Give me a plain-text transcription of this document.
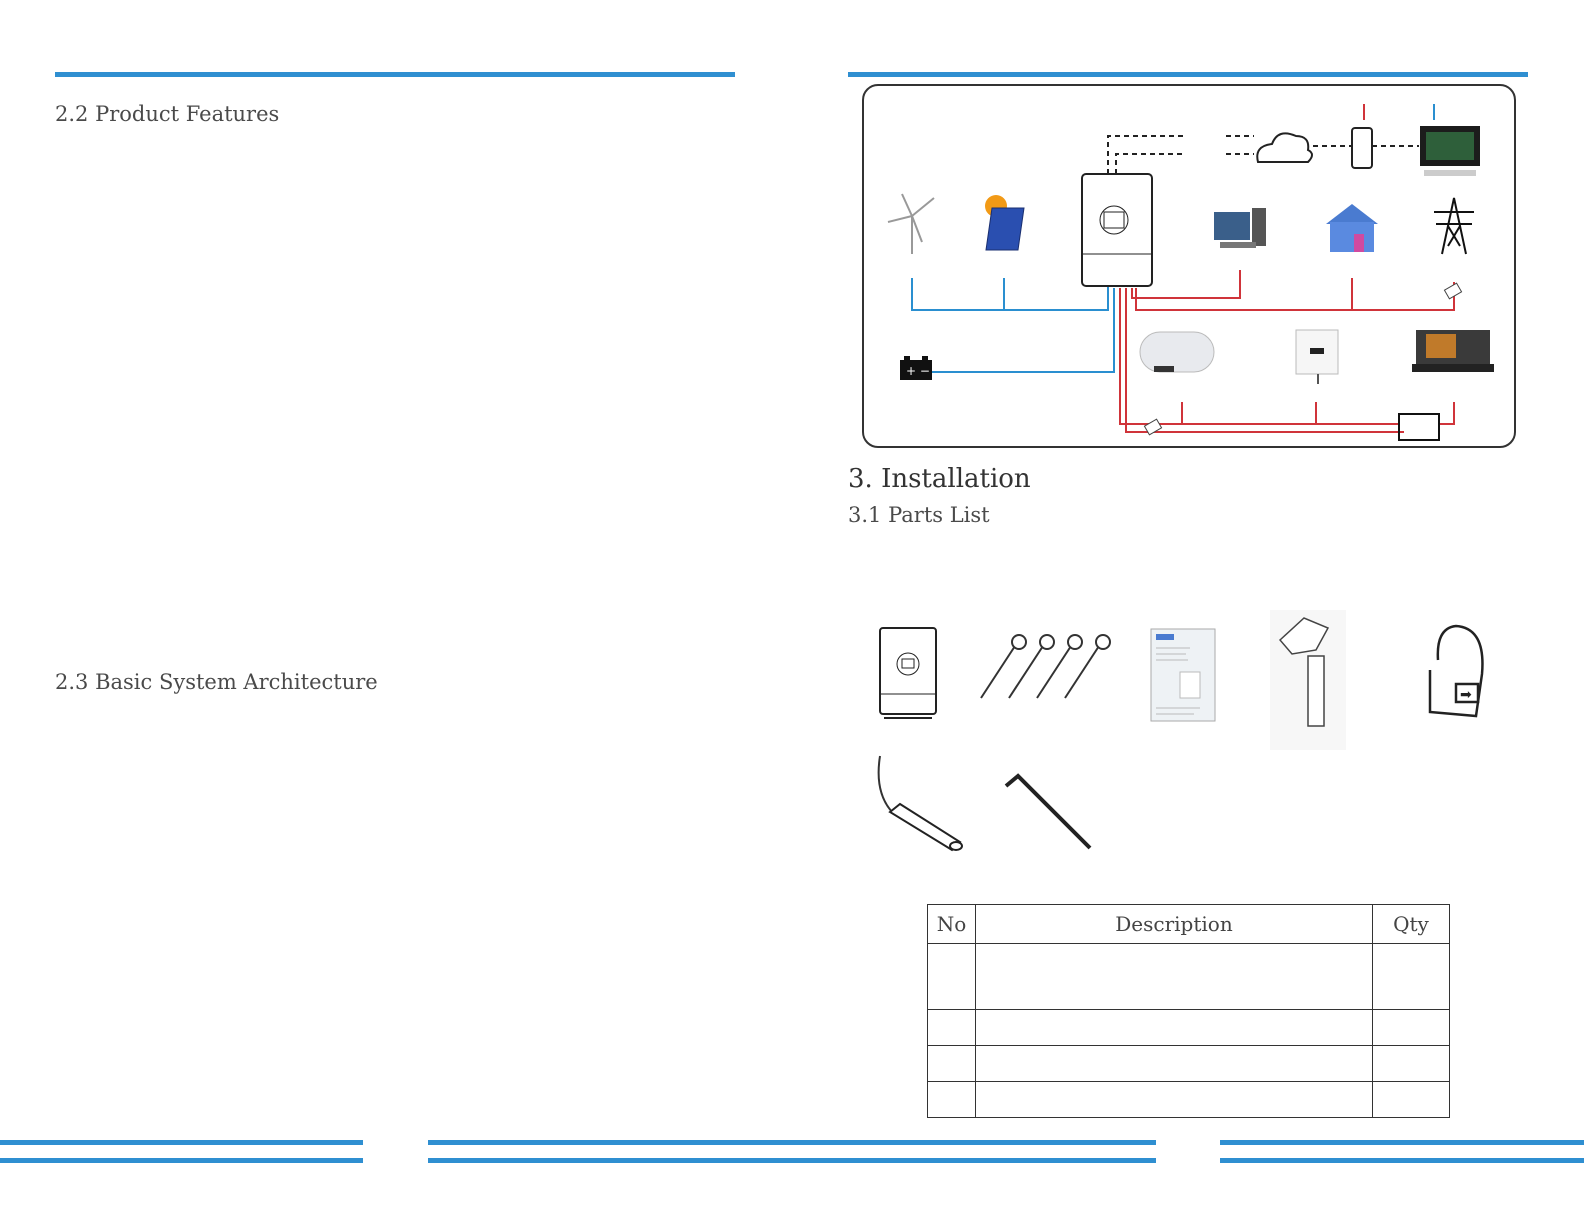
2.2 Product Features
2.3 Basic System Architecture
+ −
3. Installation
3.1 Parts List
➡
No	Description	Qty
